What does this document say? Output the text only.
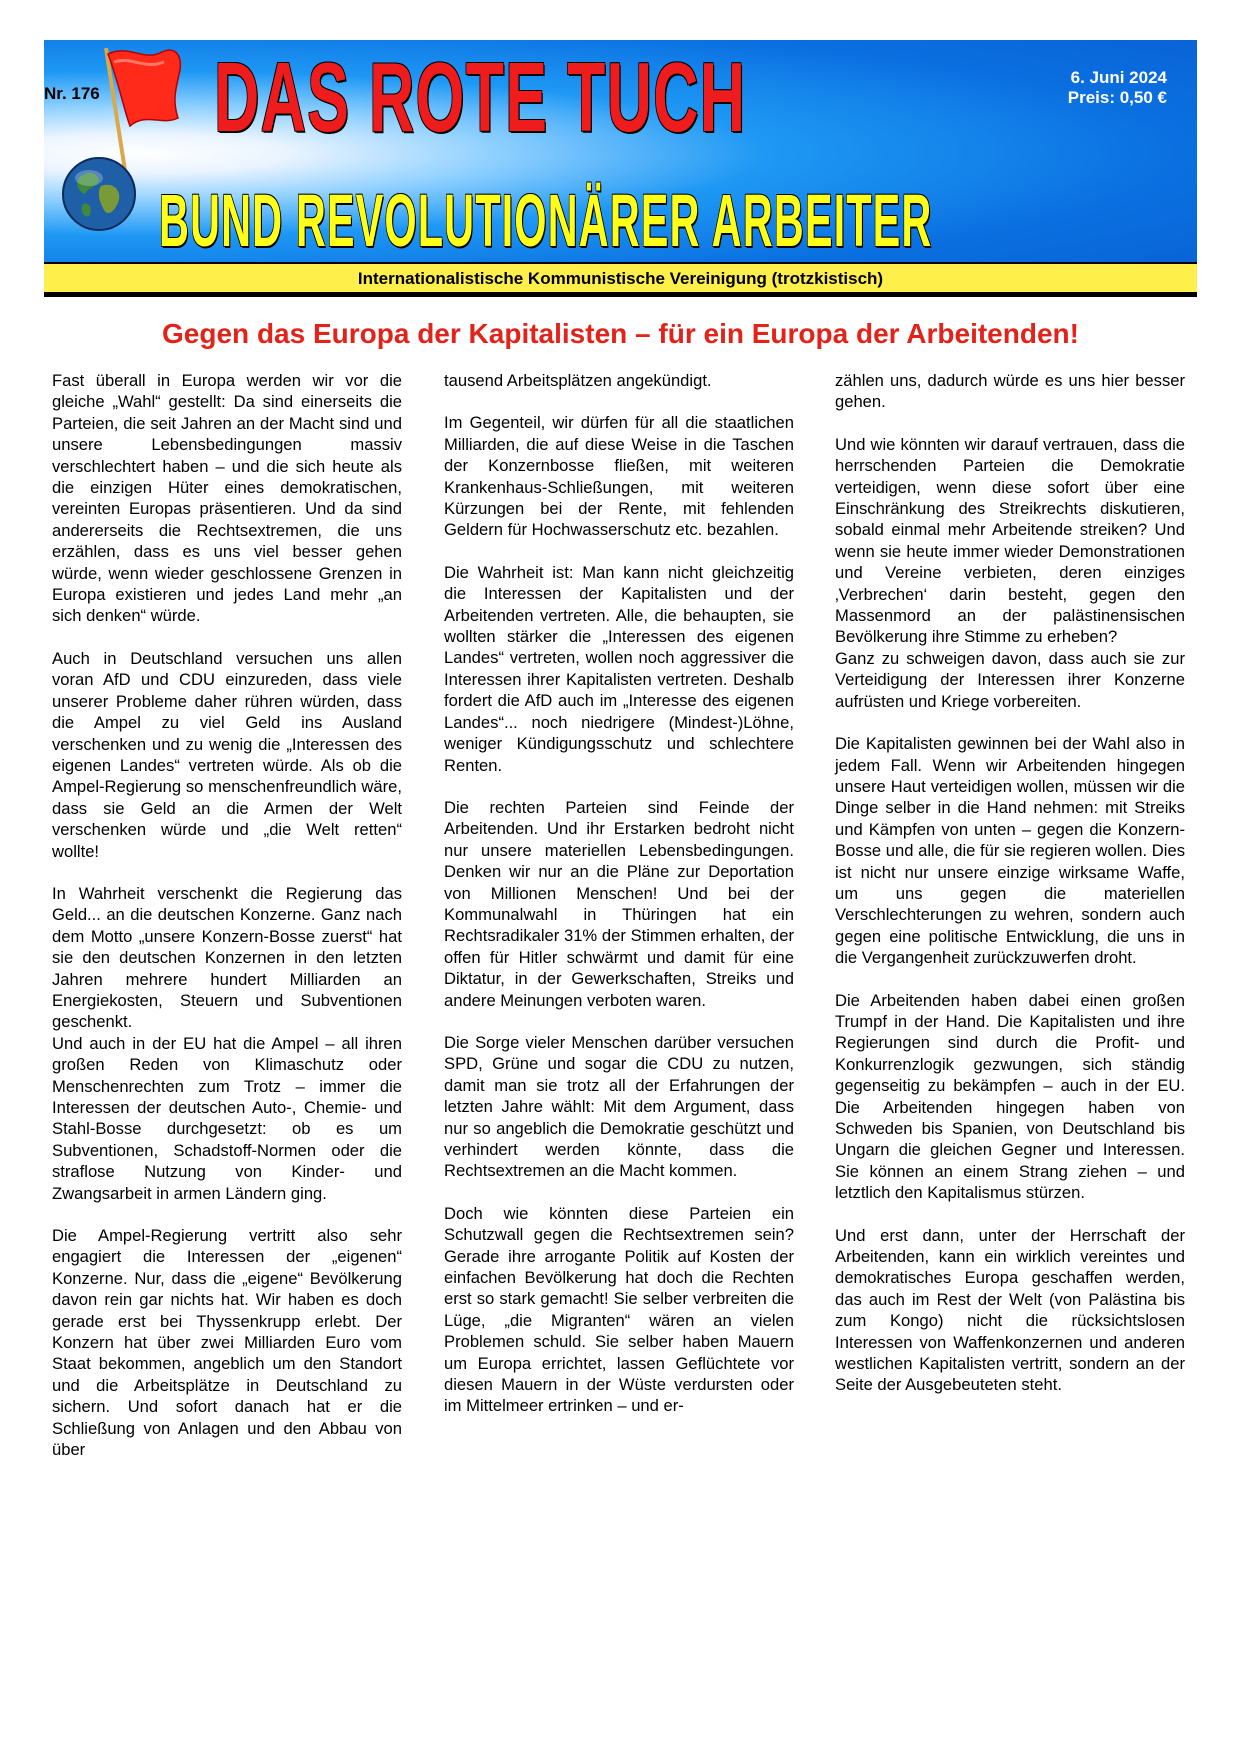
Nr. 176 DAS ROTE TUCH
BUND REVOLUTIONÄRER ARBEITER
6. Juni 2024
Preis: 0,50 €
Internationalistische Kommunistische Vereinigung (trotzkistisch)
Gegen das Europa der Kapitalisten – für ein Europa der Arbeitenden!

Fast überall in Europa werden wir vor die gleiche „Wahl“ gestellt: Da sind einerseits die Parteien, die seit Jahren an der Macht sind und unsere Lebensbedingungen massiv verschlechtert haben – und die sich heute als die einzigen Hüter eines demokratischen, vereinten Europas präsentieren. Und da sind andererseits die Rechtsextremen, die uns erzählen, dass es uns viel besser gehen würde, wenn wieder geschlossene Grenzen in Europa existieren und jedes Land mehr „an sich denken“ würde.

Auch in Deutschland versuchen uns allen voran AfD und CDU einzureden, dass viele unserer Probleme daher rühren würden, dass die Ampel zu viel Geld ins Ausland verschenken und zu wenig die „Interessen des eigenen Landes“ vertreten würde. Als ob die Ampel-Regierung so menschenfreundlich wäre, dass sie Geld an die Armen der Welt verschenken würde und „die Welt retten“ wollte!

In Wahrheit verschenkt die Regierung das Geld... an die deutschen Konzerne. Ganz nach dem Motto „unsere Konzern-Bosse zuerst“ hat sie den deutschen Konzernen in den letzten Jahren mehrere hundert Milliarden an Energiekosten, Steuern und Subventionen geschenkt.

Und auch in der EU hat die Ampel – all ihren großen Reden von Klimaschutz oder Menschenrechten zum Trotz – immer die Interessen der deutschen Auto-, Chemie- und Stahl-Bosse durchgesetzt: ob es um Subventionen, Schadstoff-Normen oder die straflose Nutzung von Kinder- und Zwangsarbeit in armen Ländern ging.

Die Ampel-Regierung vertritt also sehr engagiert die Interessen der „eigenen“ Konzerne. Nur, dass die „eigene“ Bevölkerung davon rein gar nichts hat. Wir haben es doch gerade erst bei Thyssenkrupp erlebt. Der Konzern hat über zwei Milliarden Euro vom Staat bekommen, angeblich um den Standort und die Arbeitsplätze in Deutschland zu sichern. Und sofort danach hat er die Schließung von Anlagen und den Abbau von über

tausend Arbeitsplätzen angekündigt.

Im Gegenteil, wir dürfen für all die staatlichen Milliarden, die auf diese Weise in die Taschen der Konzernbosse fließen, mit weiteren Krankenhaus-Schließungen, mit weiteren Kürzungen bei der Rente, mit fehlenden Geldern für Hochwasserschutz etc. bezahlen.

Die Wahrheit ist: Man kann nicht gleichzeitig die Interessen der Kapitalisten und der Arbeitenden vertreten. Alle, die behaupten, sie wollten stärker die „Interessen des eigenen Landes“ vertreten, wollen noch aggressiver die Interessen ihrer Kapitalisten vertreten. Deshalb fordert die AfD auch im „Interesse des eigenen Landes“... noch niedrigere (Mindest-)Löhne, weniger Kündigungsschutz und schlechtere Renten.

Die rechten Parteien sind Feinde der Arbeitenden. Und ihr Erstarken bedroht nicht nur unsere materiellen Lebensbedingungen. Denken wir nur an die Pläne zur Deportation von Millionen Menschen! Und bei der Kommunalwahl in Thüringen hat ein Rechtsradikaler 31% der Stimmen erhalten, der offen für Hitler schwärmt und damit für eine Diktatur, in der Gewerkschaften, Streiks und andere Meinungen verboten waren.

Die Sorge vieler Menschen darüber versuchen SPD, Grüne und sogar die CDU zu nutzen, damit man sie trotz all der Erfahrungen der letzten Jahre wählt: Mit dem Argument, dass nur so angeblich die Demokratie geschützt und verhindert werden könnte, dass die Rechtsextremen an die Macht kommen.

Doch wie könnten diese Parteien ein Schutzwall gegen die Rechtsextremen sein? Gerade ihre arrogante Politik auf Kosten der einfachen Bevölkerung hat doch die Rechten erst so stark gemacht! Sie selber verbreiten die Lüge, „die Migranten“ wären an vielen Problemen schuld. Sie selber haben Mauern um Europa errichtet, lassen Geflüchtete vor diesen Mauern in der Wüste verdursten oder im Mittelmeer ertrinken – und er-

zählen uns, dadurch würde es uns hier besser gehen.

Und wie könnten wir darauf vertrauen, dass die herrschenden Parteien die Demokratie verteidigen, wenn diese sofort über eine Einschränkung des Streikrechts diskutieren, sobald einmal mehr Arbeitende streiken? Und wenn sie heute immer wieder Demonstrationen und Vereine verbieten, deren einziges ‚Verbrechen‘ darin besteht, gegen den Massenmord an der palästinensischen Bevölkerung ihre Stimme zu erheben?

Ganz zu schweigen davon, dass auch sie zur Verteidigung der Interessen ihrer Konzerne aufrüsten und Kriege vorbereiten.

Die Kapitalisten gewinnen bei der Wahl also in jedem Fall. Wenn wir Arbeitenden hingegen unsere Haut verteidigen wollen, müssen wir die Dinge selber in die Hand nehmen: mit Streiks und Kämpfen von unten – gegen die Konzern-Bosse und alle, die für sie regieren wollen. Dies ist nicht nur unsere einzige wirksame Waffe, um uns gegen die materiellen Verschlechterungen zu wehren, sondern auch gegen eine politische Entwicklung, die uns in die Vergangenheit zurückzuwerfen droht.

Die Arbeitenden haben dabei einen großen Trumpf in der Hand. Die Kapitalisten und ihre Regierungen sind durch die Profit- und Konkurrenzlogik gezwungen, sich ständig gegenseitig zu bekämpfen – auch in der EU. Die Arbeitenden hingegen haben von Schweden bis Spanien, von Deutschland bis Ungarn die gleichen Gegner und Interessen. Sie können an einem Strang ziehen – und letztlich den Kapitalismus stürzen.

Und erst dann, unter der Herrschaft der Arbeitenden, kann ein wirklich vereintes und demokratisches Europa geschaffen werden, das auch im Rest der Welt (von Palästina bis zum Kongo) nicht die rücksichtslosen Interessen von Waffenkonzernen und anderen westlichen Kapitalisten vertritt, sondern an der Seite der Ausgebeuteten steht.
